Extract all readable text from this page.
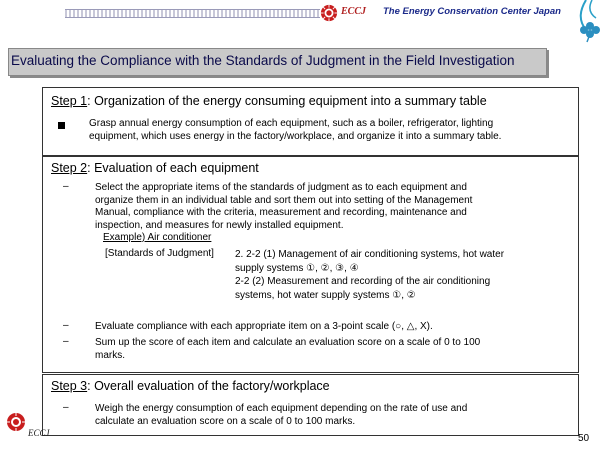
ECCJ The Energy Conservation Center Japan
Evaluating the Compliance with the Standards of Judgment in the Field Investigation
Step 1: Organization of the energy consuming equipment into a summary table
Grasp annual energy consumption of each equipment, such as a boiler, refrigerator, lighting
equipment, which uses energy in the factory/workplace, and organize it into a summary table.
Step 2: Evaluation of each equipment
–	Select the appropriate items of the standards of judgment as to each equipment and
organize them in an individual table and sort them out into setting of the Management
Manual, compliance with the criteria, measurement and recording, maintenance and
inspection, and measures for newly installed equipment.
Example) Air conditioner
[Standards of Judgment] 2. 2-2 (1) Management of air conditioning systems, hot water
supply systems ①, ②, ③, ④
2-2 (2) Measurement and recording of the air conditioning
systems, hot water supply systems ①, ②
–	Evaluate compliance with each appropriate item on a 3-point scale (○, △, X).
–	Sum up the score of each item and calculate an evaluation score on a scale of 0 to 100
marks.
Step 3: Overall evaluation of the factory/workplace
–	Weigh the energy consumption of each equipment depending on the rate of use and
calculate an evaluation score on a scale of 0 to 100 marks.
ECCJ	50
